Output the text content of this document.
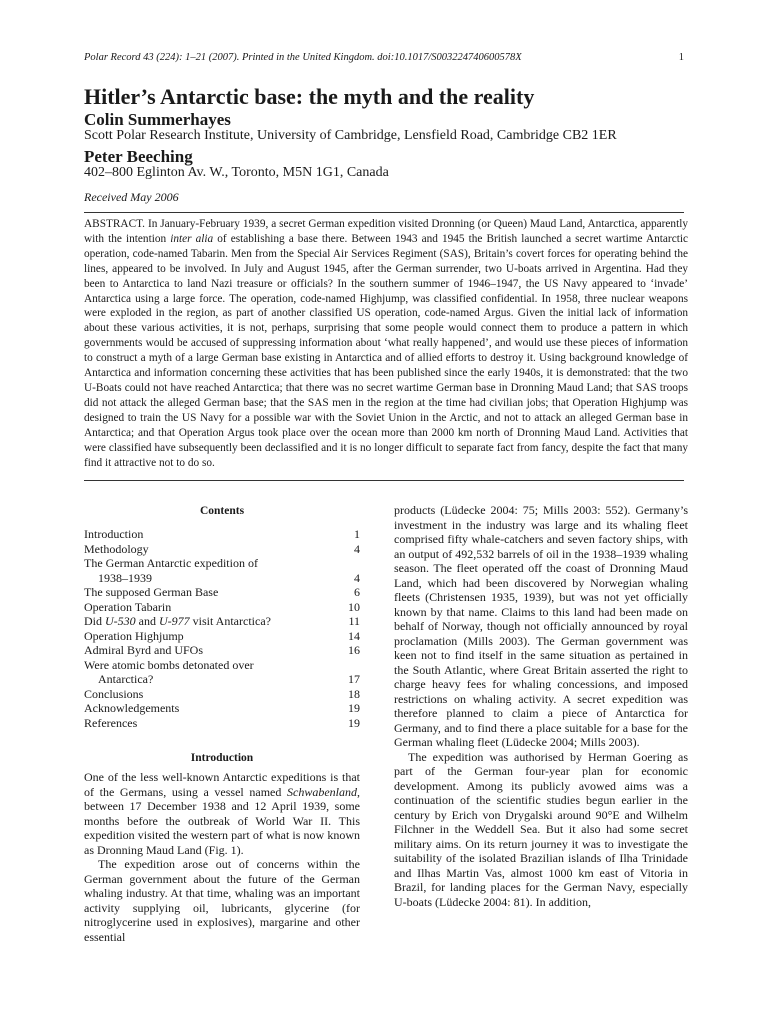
Polar Record 43 (224): 1–21 (2007). Printed in the United Kingdom. doi:10.1017/S003224740600578X	1
Hitler’s Antarctic base: the myth and the reality
Colin Summerhayes
Scott Polar Research Institute, University of Cambridge, Lensfield Road, Cambridge CB2 1ER
Peter Beeching
402–800 Eglinton Av. W., Toronto, M5N 1G1, Canada
Received May 2006

ABSTRACT. In January-February 1939, a secret German expedition visited Dronning (or Queen) Maud Land, Antarctica, apparently with the intention inter alia of establishing a base there. Between 1943 and 1945 the British launched a secret wartime Antarctic operation, code-named Tabarin. Men from the Special Air Services Regiment (SAS), Britain’s covert forces for operating behind the lines, appeared to be involved. In July and August 1945, after the German surrender, two U-boats arrived in Argentina. Had they been to Antarctica to land Nazi treasure or officials? In the southern summer of 1946–1947, the US Navy appeared to ‘invade’ Antarctica using a large force. The operation, code-named Highjump, was classified confidential. In 1958, three nuclear weapons were exploded in the region, as part of another classified US operation, code-named Argus. Given the initial lack of information about these various activities, it is not, perhaps, surprising that some people would connect them to produce a pattern in which governments would be accused of suppressing information about ‘what really happened’, and would use these pieces of information to construct a myth of a large German base existing in Antarctica and of allied efforts to destroy it. Using background knowledge of Antarctica and information concerning these activities that has been published since the early 1940s, it is demonstrated: that the two U-Boats could not have reached Antarctica; that there was no secret wartime German base in Dronning Maud Land; that SAS troops did not attack the alleged German base; that the SAS men in the region at the time had civilian jobs; that Operation Highjump was designed to train the US Navy for a possible war with the Soviet Union in the Arctic, and not to attack an alleged German base in Antarctica; and that Operation Argus took place over the ocean more than 2000 km north of Dronning Maud Land. Activities that were classified have subsequently been declassified and it is no longer difficult to separate fact from fancy, despite the fact that many find it attractive not to do so.

Contents
Introduction	1
Methodology	4
The German Antarctic expedition of
1938–1939	4
The supposed German Base	6
Operation Tabarin	10
Did U-530 and U-977 visit Antarctica?	11
Operation Highjump	14
Admiral Byrd and UFOs	16
Were atomic bombs detonated over
Antarctica?	17
Conclusions	18
Acknowledgements	19
References	19
Introduction

One of the less well-known Antarctic expeditions is that of the Germans, using a vessel named Schwabenland, between 17 December 1938 and 12 April 1939, some months before the outbreak of World War II. This expedition visited the western part of what is now known as Dronning Maud Land (Fig. 1).

The expedition arose out of concerns within the German government about the future of the German whaling industry. At that time, whaling was an important activity supplying oil, lubricants, glycerine (for nitroglycerine used in explosives), margarine and other essential

products (Lüdecke 2004: 75; Mills 2003: 552). Germany’s investment in the industry was large and its whaling fleet comprised fifty whale-catchers and seven factory ships, with an output of 492,532 barrels of oil in the 1938–1939 whaling season. The fleet operated off the coast of Dronning Maud Land, which had been discovered by Norwegian whaling fleets (Christensen 1935, 1939), but was not yet officially known by that name. Claims to this land had been made on behalf of Norway, though not officially announced by royal proclamation (Mills 2003). The German government was keen not to find itself in the same situation as pertained in the South Atlantic, where Great Britain asserted the right to charge heavy fees for whaling concessions, and imposed restrictions on whaling activity. A secret expedition was therefore planned to claim a piece of Antarctica for Germany, and to find there a place suitable for a base for the German whaling fleet (Lüdecke 2004; Mills 2003).

The expedition was authorised by Herman Goering as part of the German four-year plan for economic development. Among its publicly avowed aims was a continuation of the scientific studies begun earlier in the century by Erich von Drygalski around 90°E and Wilhelm Filchner in the Weddell Sea. But it also had some secret military aims. On its return journey it was to investigate the suitability of the isolated Brazilian islands of Ilha Trinidade and Ilhas Martin Vas, almost 1000 km east of Vitoria in Brazil, for landing places for the German Navy, especially U-boats (Lüdecke 2004: 81). In addition,
